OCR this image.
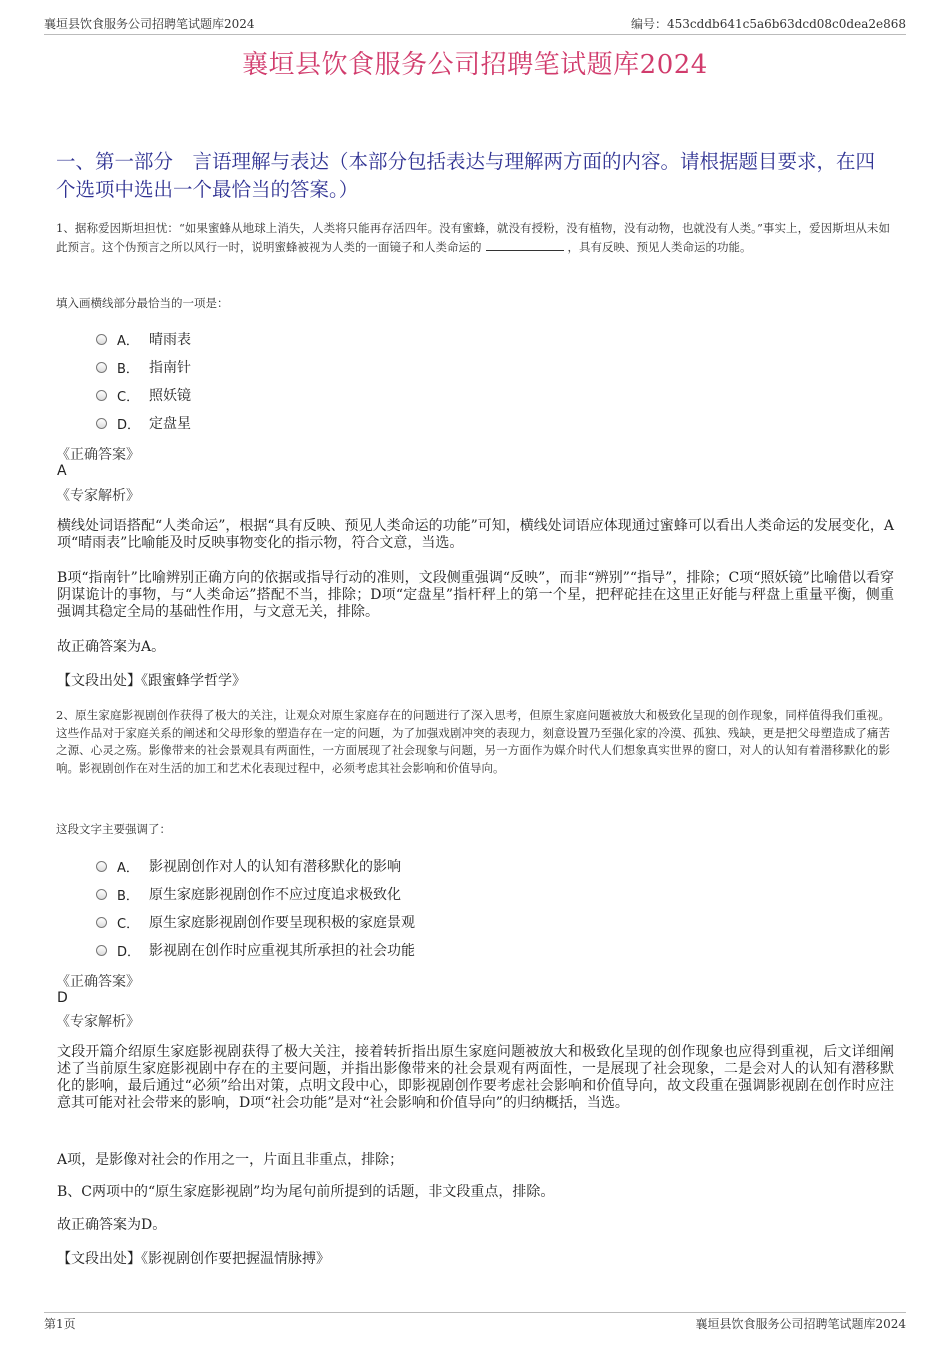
襄垣县饮食服务公司招聘笔试题库2024	编号：453cddb641c5a6b63dcd08c0dea2e868
襄垣县饮食服务公司招聘笔试题库2024
一、第一部分　言语理解与表达（本部分包括表达与理解两方面的内容。请根据题目要求，在四个选项中选出一个最恰当的答案。）
1、据称爱因斯坦担忧：“如果蜜蜂从地球上消失，人类将只能再存活四年。没有蜜蜂，就没有授粉，没有植物，没有动物，也就没有人类。”事实上，爱因斯坦从未如此预言。这个伪预言之所以风行一时，说明蜜蜂被视为人类的一面镜子和人类命运的	，具有反映、预见人类命运的功能。
填入画横线部分最恰当的一项是：
A． 晴雨表
B． 指南针
C． 照妖镜
D． 定盘星
《正确答案》
A
《专家解析》
横线处词语搭配“人类命运”，根据“具有反映、预见人类命运的功能”可知，横线处词语应体现通过蜜蜂可以看出人类命运的发展变化，A项“晴雨表”比喻能及时反映事物变化的指示物，符合文意，当选。
B项“指南针”比喻辨别正确方向的依据或指导行动的准则，文段侧重强调“反映”，而非“辨别”“指导”，排除；C项“照妖镜”比喻借以看穿阴谋诡计的事物，与“人类命运”搭配不当，排除；D项“定盘星”指杆秤上的第一个星，把秤砣挂在这里正好能与秤盘上重量平衡，侧重强调其稳定全局的基础性作用，与文意无关，排除。
故正确答案为A。
【文段出处】《跟蜜蜂学哲学》
2、原生家庭影视剧创作获得了极大的关注，让观众对原生家庭存在的问题进行了深入思考，但原生家庭问题被放大和极致化呈现的创作现象，同样值得我们重视。这些作品对于家庭关系的阐述和父母形象的塑造存在一定的问题，为了加强戏剧冲突的表现力，刻意设置乃至强化家的冷漠、孤独、残缺，更是把父母塑造成了痛苦之源、心灵之殇。影像带来的社会景观具有两面性，一方面展现了社会现象与问题，另一方面作为媒介时代人们想象真实世界的窗口，对人的认知有着潜移默化的影响。影视剧创作在对生活的加工和艺术化表现过程中，必须考虑其社会影响和价值导向。
这段文字主要强调了：
A． 影视剧创作对人的认知有潜移默化的影响
B． 原生家庭影视剧创作不应过度追求极致化
C． 原生家庭影视剧创作要呈现积极的家庭景观
D． 影视剧在创作时应重视其所承担的社会功能
《正确答案》
D
《专家解析》
文段开篇介绍原生家庭影视剧获得了极大关注，接着转折指出原生家庭问题被放大和极致化呈现的创作现象也应得到重视，后文详细阐述了当前原生家庭影视剧中存在的主要问题，并指出影像带来的社会景观有两面性，一是展现了社会现象，二是会对人的认知有潜移默化的影响，最后通过“必须”给出对策，点明文段中心，即影视剧创作要考虑社会影响和价值导向，故文段重在强调影视剧在创作时应注意其可能对社会带来的影响，D项“社会功能”是对“社会影响和价值导向”的归纳概括，当选。
A项，是影像对社会的作用之一，片面且非重点，排除；
B、C两项中的“原生家庭影视剧”均为尾句前所提到的话题，非文段重点，排除。
故正确答案为D。
【文段出处】《影视剧创作要把握温情脉搏》
第1页	襄垣县饮食服务公司招聘笔试题库2024
